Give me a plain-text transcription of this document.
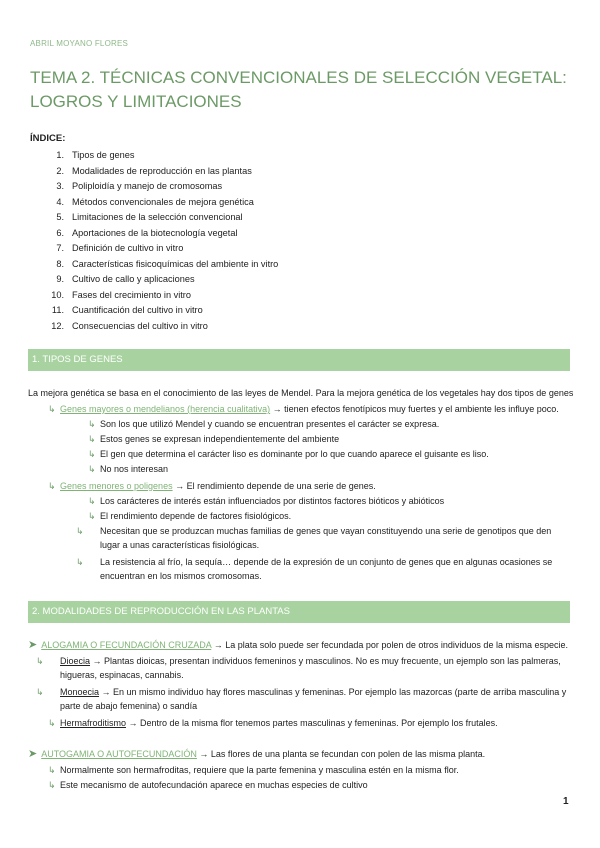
ABRIL MOYANO FLORES
TEMA 2. TÉCNICAS CONVENCIONALES DE SELECCIÓN VEGETAL: LOGROS Y LIMITACIONES
ÍNDICE:
1. Tipos de genes
2. Modalidades de reproducción en las plantas
3. Poliploidía y manejo de cromosomas
4. Métodos convencionales de mejora genética
5. Limitaciones de la selección convencional
6. Aportaciones de la biotecnología vegetal
7. Definición de cultivo in vitro
8. Características fisicoquímicas del ambiente in vitro
9. Cultivo de callo y aplicaciones
10. Fases del crecimiento in vitro
11. Cuantificación del cultivo in vitro
12. Consecuencias del cultivo in vitro
1. TIPOS DE GENES
La mejora genética se basa en el conocimiento de las leyes de Mendel. Para la mejora genética de los vegetales hay dos tipos de genes
↳ Genes mayores o mendelianos (herencia cualitativa) → tienen efectos fenotípicos muy fuertes y el ambiente les influye poco.
↳ Son los que utilizó Mendel y cuando se encuentran presentes el carácter se expresa.
↳ Estos genes se expresan independientemente del ambiente
↳ El gen que determina el carácter liso es dominante por lo que cuando aparece el guisante es liso.
↳ No nos interesan
↳ Genes menores o poligenes → El rendimiento depende de una serie de genes.
↳ Los carácteres de interés están influenciados por distintos factores bióticos y abióticos
↳ El rendimiento depende de factores fisiológicos.
↳ Necesitan que se produzcan muchas familias de genes que vayan constituyendo una serie de genotipos que den lugar a unas características fisiológicas.
↳ La resistencia al frío, la sequía… depende de la expresión de un conjunto de genes que en algunas ocasiones se encuentran en los mismos cromosomas.
2. MODALIDADES DE REPRODUCCIÓN EN LAS PLANTAS
➤ ALOGAMIA O FECUNDACIÓN CRUZADA → La plata solo puede ser fecundada por polen de otros individuos de la misma especie.
↳ Dioecia → Plantas dioicas, presentan individuos femeninos y masculinos. No es muy frecuente, un ejemplo son las palmeras, higueras, espinacas, cannabis.
↳ Monoecia → En un mismo individuo hay flores masculinas y femeninas. Por ejemplo las mazorcas (parte de arriba masculina y parte de abajo femenina) o sandía
↳ Hermafroditismo → Dentro de la misma flor tenemos partes masculinas y femeninas. Por ejemplo los frutales.
➤ AUTOGAMIA O AUTOFECUNDACIÓN → Las flores de una planta se fecundan con polen de las misma planta.
↳ Normalmente son hermafroditas, requiere que la parte femenina y masculina estén en la misma flor.
↳ Este mecanismo de autofecundación aparece en muchas especies de cultivo
1
